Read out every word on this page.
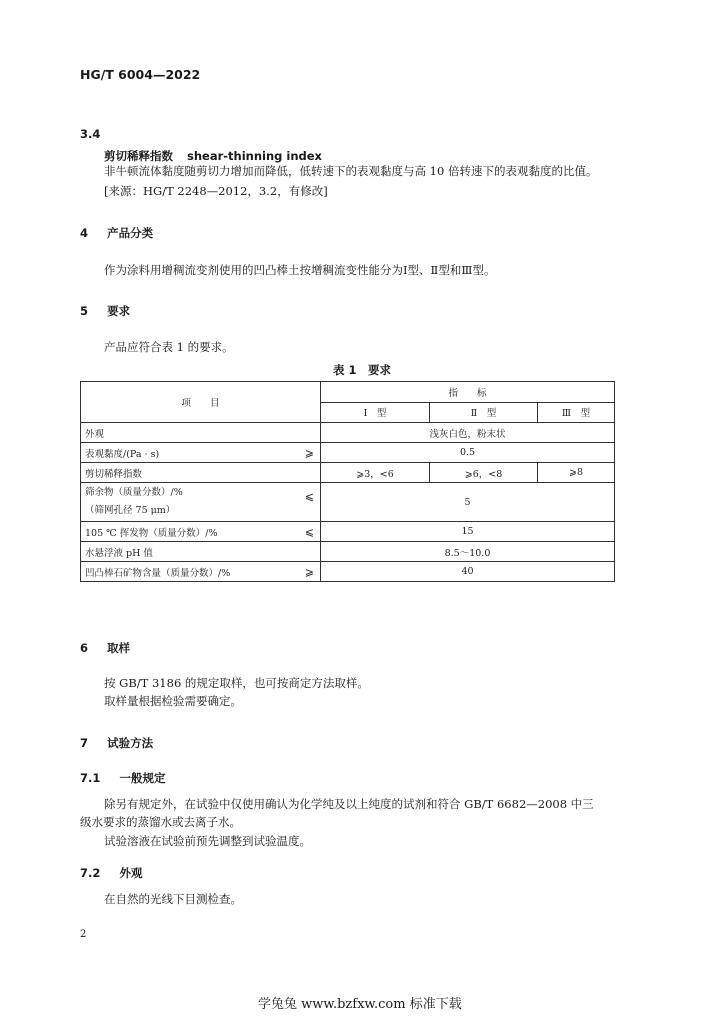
HG/T 6004—2022
3.4
剪切稀释指数 shear-thinning index
非牛顿流体黏度随剪切力增加而降低，低转速下的表观黏度与高 10 倍转速下的表观黏度的比值。
[来源：HG/T 2248—2012，3.2，有修改]
4 产品分类
作为涂料用增稠流变剂使用的凹凸棒土按增稠流变性能分为Ⅰ型、Ⅱ型和Ⅲ型。
5 要求
产品应符合表 1 的要求。
表 1　要求
项　　目	指　　标		
	Ⅰ　型	Ⅱ　型	Ⅲ　型
外观	浅灰白色，粉末状		
表观黏度/(Pa · s) ⩾	0.5		
剪切稀释指数	⩾3，<6	⩾6，<8	⩾8
筛余物（质量分数）/%
（筛网孔径 75 μm）
⩽	5		
105 ℃ 挥发物（质量分数）/% ⩽	15		
水悬浮液 pH 值	8.5～10.0		
凹凸棒石矿物含量（质量分数）/% ⩾	40		
6 取样
按 GB/T 3186 的规定取样，也可按商定方法取样。
取样量根据检验需要确定。
7 试验方法
7.1 一般规定
除另有规定外，在试验中仅使用确认为化学纯及以上纯度的试剂和符合 GB/T 6682—2008 中三
级水要求的蒸馏水或去离子水。
试验溶液在试验前预先调整到试验温度。
7.2 外观
在自然的光线下目测检查。
2
学兔兔 www.bzfxw.com 标准下载
